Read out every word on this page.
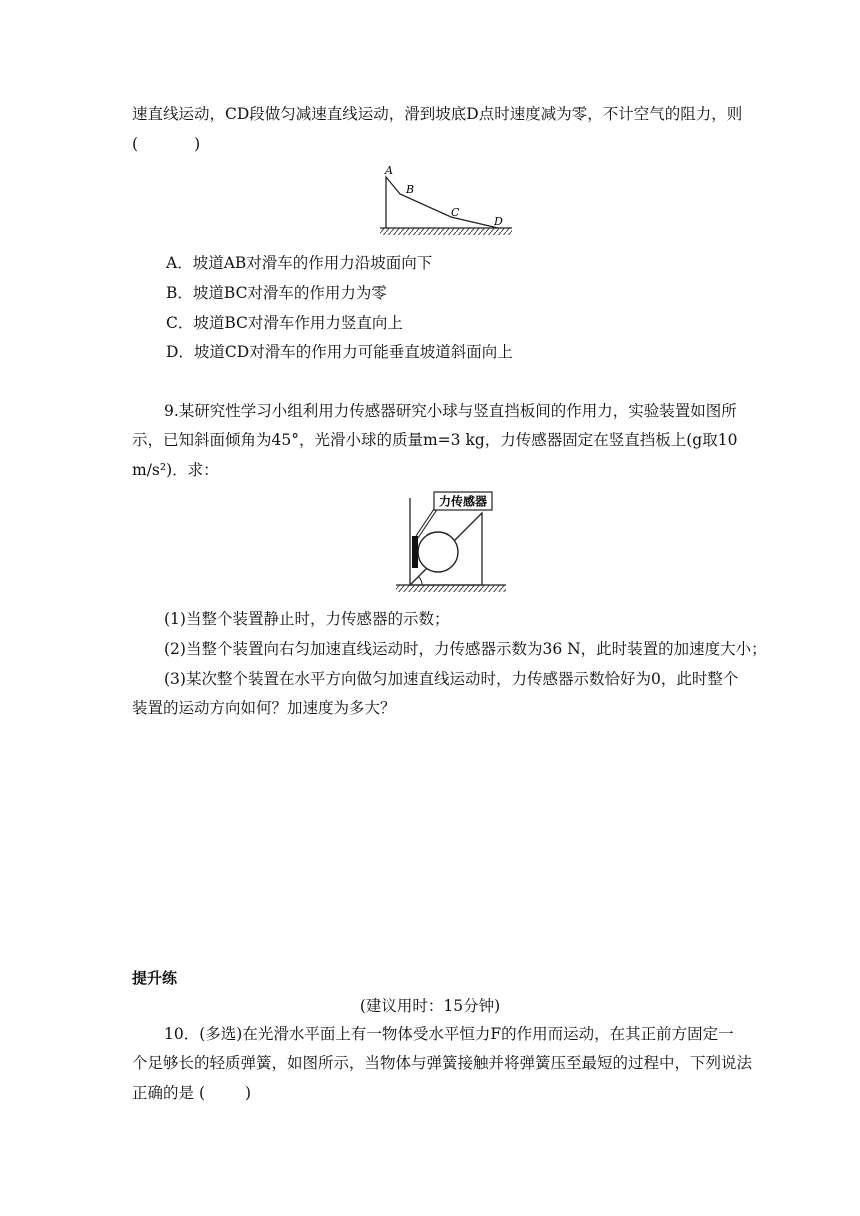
速直线运动，CD段做匀减速直线运动，滑到坡底D点时速度减为零，不计空气的阻力，则
(	)
A
B
C
D
A．坡道AB对滑车的作用力沿坡面向下
B．坡道BC对滑车的作用力为零
C．坡道BC对滑车作用力竖直向上
D．坡道CD对滑车的作用力可能垂直坡道斜面向上
9.某研究性学习小组利用力传感器研究小球与竖直挡板间的作用力，实验装置如图所
示，已知斜面倾角为45°，光滑小球的质量m=3 kg，力传感器固定在竖直挡板上(g取10
m/s²)．求：
力传感器
(1)当整个装置静止时，力传感器的示数；
(2)当整个装置向右匀加速直线运动时，力传感器示数为36 N，此时装置的加速度大小；
(3)某次整个装置在水平方向做匀加速直线运动时，力传感器示数恰好为0，此时整个
装置的运动方向如何？加速度为多大？
提升练
(建议用时：15分钟)
10．(多选)在光滑水平面上有一物体受水平恒力F的作用而运动，在其正前方固定一
个足够长的轻质弹簧，如图所示，当物体与弹簧接触并将弹簧压至最短的过程中，下列说法
正确的是 (	)
